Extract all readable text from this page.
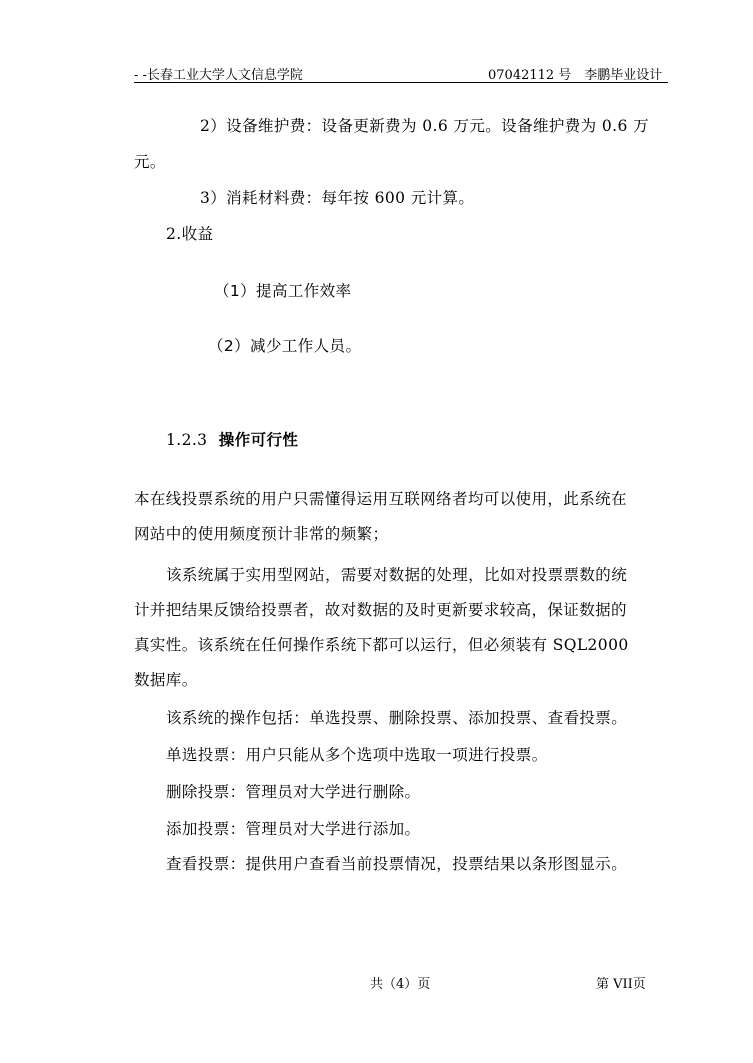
- -长春工业大学人文信息学院	07042112 号　李鹏毕业设计
2）设备维护费：设备更新费为 0.6 万元。设备维护费为 0.6 万
元。
3）消耗材料费：每年按 600 元计算。
2.收益
（1）提高工作效率
（2）减少工作人员。
1.2.3 操作可行性
本在线投票系统的用户只需懂得运用互联网络者均可以使用，此系统在
网站中的使用频度预计非常的频繁；
该系统属于实用型网站，需要对数据的处理，比如对投票票数的统
计并把结果反馈给投票者，故对数据的及时更新要求较高，保证数据的
真实性。该系统在任何操作系统下都可以运行，但必须装有 SQL2000
数据库。
该系统的操作包括：单选投票、删除投票、添加投票、查看投票。
单选投票：用户只能从多个选项中选取一项进行投票。
删除投票：管理员对大学进行删除。
添加投票：管理员对大学进行添加。
查看投票：提供用户查看当前投票情况，投票结果以条形图显示。
共（4）页	第 VII页
